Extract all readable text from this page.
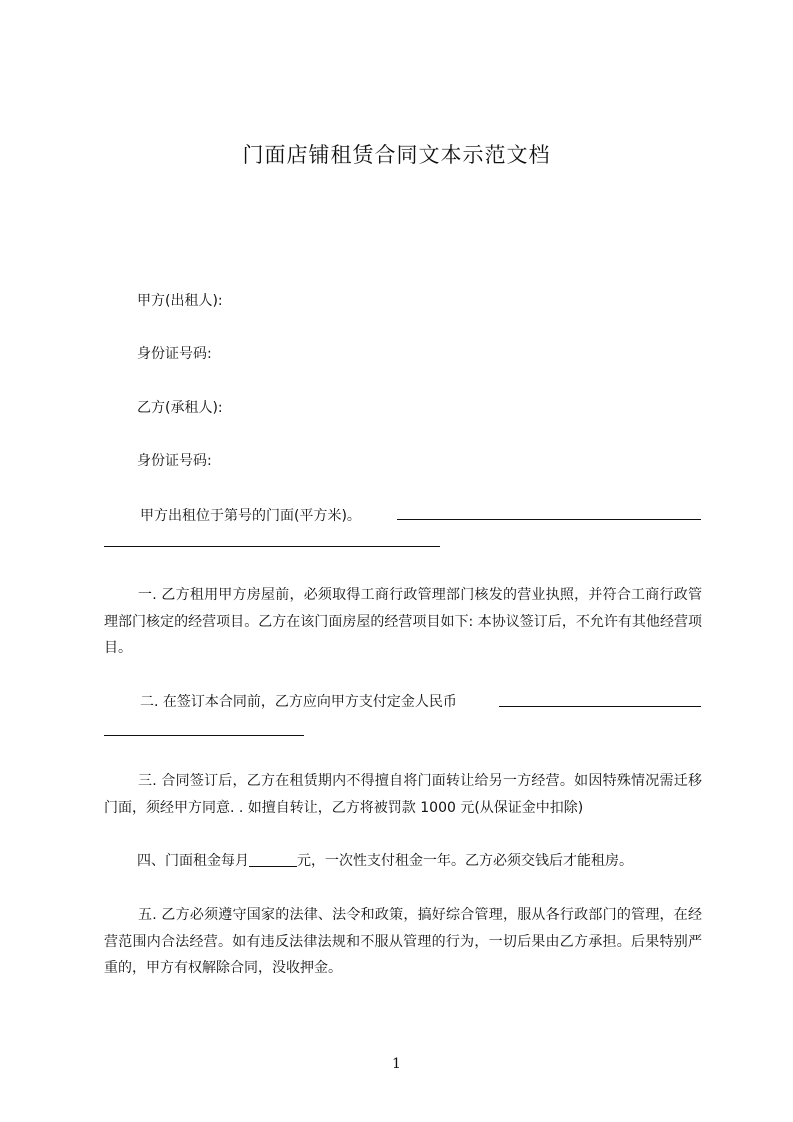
门面店铺租赁合同文本示范文档
甲方(出租人):
身份证号码:
乙方(承租人):
身份证号码:
甲方出租位于第号的门面(平方米)。
一. 乙方租用甲方房屋前，必须取得工商行政管理部门核发的营业执照，并符合工商行政管理部门核定的经营项目。乙方在该门面房屋的经营项目如下: 本协议签订后，不允许有其他经营项目。
二. 在签订本合同前，乙方应向甲方支付定金人民币
三. 合同签订后，乙方在租赁期内不得擅自将门面转让给另一方经营。如因特殊情况需迁移门面，须经甲方同意. . 如擅自转让，乙方将被罚款 1000 元(从保证金中扣除)
四、门面租金每月	元，一次性支付租金一年。乙方必须交钱后才能租房。
五. 乙方必须遵守国家的法律、法令和政策，搞好综合管理，服从各行政部门的管理，在经营范围内合法经营。如有违反法律法规和不服从管理的行为，一切后果由乙方承担。后果特别严重的，甲方有权解除合同，没收押金。
1
